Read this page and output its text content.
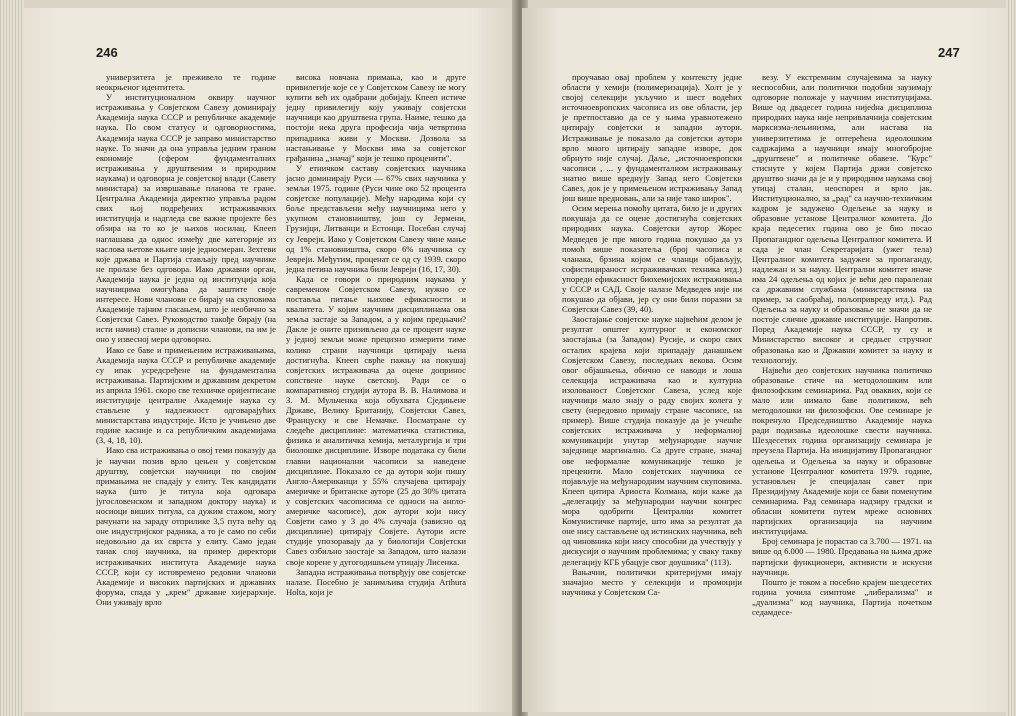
246

универзитета је преживело те године неокрњеног идентитета.

У институционалном оквиру научног истраживања у Совјетском Савезу доминирају Академија наука СССР и републичке академије наука. По свом статусу и одговорностима, Академија наука СССР је заправо министарство науке. То значи да она управља једним граном економије (сфером фундаменталних истраживања у друштвеним и природним наукама) и одговорна је совјетској влади (Савету министара) за извршавање планова те гране. Централна Академија директно управља радом свих њој подређених истраживачких институција и надгледа све важне пројекте без обзира на то ко је њихов носилац. Кпееп наглашава да однос између две категорије из насловa њетове књиге није једносмеран. Зехтеви које држава и Партија стављају пред научнике не пролазе без одговора. Иако државни орган, Академија наука је једна од институција која научницима омогућава да заштите своје интересе. Нови чланови се бирају на скуповима Академије тајним гласањем, што је необично за Совјетски Савез. Руководство такође бирају (на исти начин) сталне и дописни чланови, па им је оно у извесној мери одговорно.

Иако се бавe и примењеним истраживањима, Академија наука СССР и републичке академије су ипак усредсређене на фундаментална истраживања. Партијским и државним декретом из априла 1961. скоро све техничке оријентисане институције централне Академије наука су стављене у надлежност одговарајућих министарстава индустрије. Исто је учињено две године касније и са републичким академијама (3, 4, 18, 10).

Иако сва истраживања о овој теми показују да је научни позив врло цењен у совјетском друштву, совјетски научници по својим примањима не спадају у елиту. Тек кандидати наука (што је титула која одговара југословенском и западном доктору наука) и носиоци виших титула, са дужим стажом, могу рачунати на зараду отприлике 3,5 пута већу од оне индустријског радника, а то је само по себи недовољно да их сврста у елиту. Само један танак слој научника, на пример директори истраживачких института Академије наука СССР, који су истовремено редовни чланови Академије и високих партијских и државних форума, спада у „крем" државне хијерархије. Они уживају врло

висока новчана примања, као и друге привилегије које се у Совјетском Савезу не могу купити већ их одабрани добијају. Кпееп истиче једну привилегију коју уживају совјетски научници као друштвена група. Наиме, тешко да постоји нека друга професија чија четвртина припадника живи у Москви. Дозвола за настањивање у Москви има за совјетског грађанина „значај" који је тешко проценити".

У етничком саставу совјетских научника јасно доминирају Руси — 67% свих научника у земљи 1975. године (Руси чине око 52 процента совјетске популације). Међу народима који су боље представљени међу научницима него у укупном становништву, још су Јермени, Грузијци, Литванци и Естонци. Посебан случај су Јевреји. Иако у Совјетском Савезу чине мање од 1% становништва, скоро 6% научника су Јевреји. Међутим, проценат се од су 1939. скоро једна петина научника били Јевреји (16, 17, 30).

Када се говори о природним наукама у савременом Совјетском Савезу, нужно се поставља питање њихове ефикасности и квалитета. У којим научним дисциплинама ова земља застаје за Западом, а у којим предњачи? Дакле је оните призивљено да се процент науке у једној земљи може прецизно измерити тиме колико страни научници цитирају њена достигнућа. Кпееп сврће пажњу на покушај совјетских истраживача да оцене допринос сопствене науке светској. Ради се о компаративној студији аутора В. В. Налимова и З. М. Мульченка која обухвата Сједињене Државе, Велику Британију, Совјетски Савез, Француску и све Немачке. Посматране су следеће дисциплине: математичка статистика, физика и аналитичка хемија, металургија и три биолошке дисциплине. Изворе податакa су били главни национални часописи за наведене дисциплине. Показало се да аутори који пишу Англо-Американци у 55% случајева цитирају америчке и британске ауторе (25 до 30% цитата у совјетских часописима се односи на англо-америчке часописе), док аутори који нису Совјети само у 3 до 4% случаја (зависно од дисциплине) цитирају Совјете. Аутори исте студије упозоравају да у биологији Совјетски Савез озбиљно заостаје за Западом, што налази своје корене у дугогодишњем утицају Лисенка.

Западна истраживања потврђују ове совјетске налазе. Посебно је занимљива студија Arthura Holta, који је

247

проучавао овај проблем у контексту једне области у хемији (полимеризација). Холт је у својој селекцији укључио и шест водећих источноевропских часописа из ове области, јер је претпоставио да се у њима уравнотежено цитирају совјетски и западни аутори. Истраживање је показало да совјетски аутори врло много цитирају западне изворе, док обрнуто није случај. Даље, „источноевропски часописи , ... у фундаменталном истраживању знатно више вреднују Запад него Совјетски Савез, док је у примењеном истраживању Запад још више вредновањ, али за није тако широк".

Осим мерења помоћу цитата, било је и других покушаја да се оцене достигнућа совјетских природних наука. Совјетски аутор Жорес Медведев је пре много година покушао да уз помоћ више показатеља (број часописа и чланака, брзина којом се чланци објављују, софистицираност истраживачких техника итд.) упореди ефикасност биохемијских истраживања у СССР и САД. Своје налазе Медведев није ни покушао да објави, јер су они били поразни за Совјетски Савез (39, 40).

Заостајање совјетске науке највећим делом је резултат општег културног и економског заостајања (за Западом) Русије, и скоро свих осталих крајева који припадају данашњем Совјетском Савезу, последњих векова. Осим овог објашњења, обично се наводи и лоша селекција истраживача као и културна изолованост Совјетског Савеза, услед које научници мало знају о раду својих колега у свету (нередовно примају стране часописе, на пример). Више студија показује да је учешће совјетских истраживача у неформалној комуникацији унутар међународне научне заједнице маргинално. Са друге стране, значај ове неформалне комуникације тешко је преценити. Мало совјетских научника се појављује на међународним научним скуповима. Кпееп цитира Ариоста Колмана, који каже да „делегацију за међународни научни конгрес мора одобрити Централни комитет Комунистичке партије, што има за резултат да оне нису састављене од истинских научника, већ од чиновника који нису способни да учествују у дискусији о научним проблемима; у свакy таквy делегацију КГБ убацује свог доушника" (113).

Вањачни, политички критеријуми имају значајно место у селекцији и промоцији научника у Совјетском Са-

везу. У екстремним случајевима за науку неспособни, али политички подобни заузимају одговорне положаје у научним институцијама. Више од двадесет година нијedна дисциплина природних наука није непривлачнија совјетским марксизма-лењинизма, али настава на универзитетима је оптерећена идеолошким садржајима а научници имају многобројне „друштвене" и политичке обавезе. "Курс" стиснуте у којем Партија држи совјетско друштво значи да је и у природним наукама свој утицај сталан, неоспорен и врло јак. Институционално, за „рад" са научно-техничким кадром је задужено Одељење за науку и образовне установе Централног комитета. До краја педесетих година ово је био посао Пропагандног одељења Централног комитета. И сада је члан Секретаријата (ужег тела) Централног комитета задужен за пропаганду, надлежан и за науку. Централни комитет иначе има 24 одељења од којих је већи део паралелан са државним службама (министарствима на пример, за саобраћај, пољопривреду итд.). Рад Одељења за науку и образовање не значи да не постоје сличне државне институције. Напротив. Поред Академије наука СССР, ту су и Министарство високог и средњег стручног образовања као и Државни комитет за науку и технологију.

Највећи део совјетских научника политичко образовање стиче на методолошким или филозофским семинарима. Рад оваквих, који се мало или нимало баве политиком, већ методолошки ни филозофски. Ове семинаре је покренуло Председништво Академије наука ради подизања идеолошке свести научника. Шездесетих година организацију семинара је преузела Партија. На иницијативу Пропагандног одељења и Одељења за науку и образовне установе Централног комитета 1979. године, установљен је специјалан савет при Президијуму Академије који се бави поменутим семинарима. Рад семинара надзиру градски и обласни комитети путем мреже основних партијских организација на научним институцијама.

Број семинара је порастао са 3.700 — 1971. на више од 6.000 — 1980. Предавања на њима држе партијски функционери, активисти и искусни научници.

Пошто је током а посебно крајем шездесетих година уочила симптоме „либерализма" и „дуализма" код научника, Партија почетком седамдесе-
